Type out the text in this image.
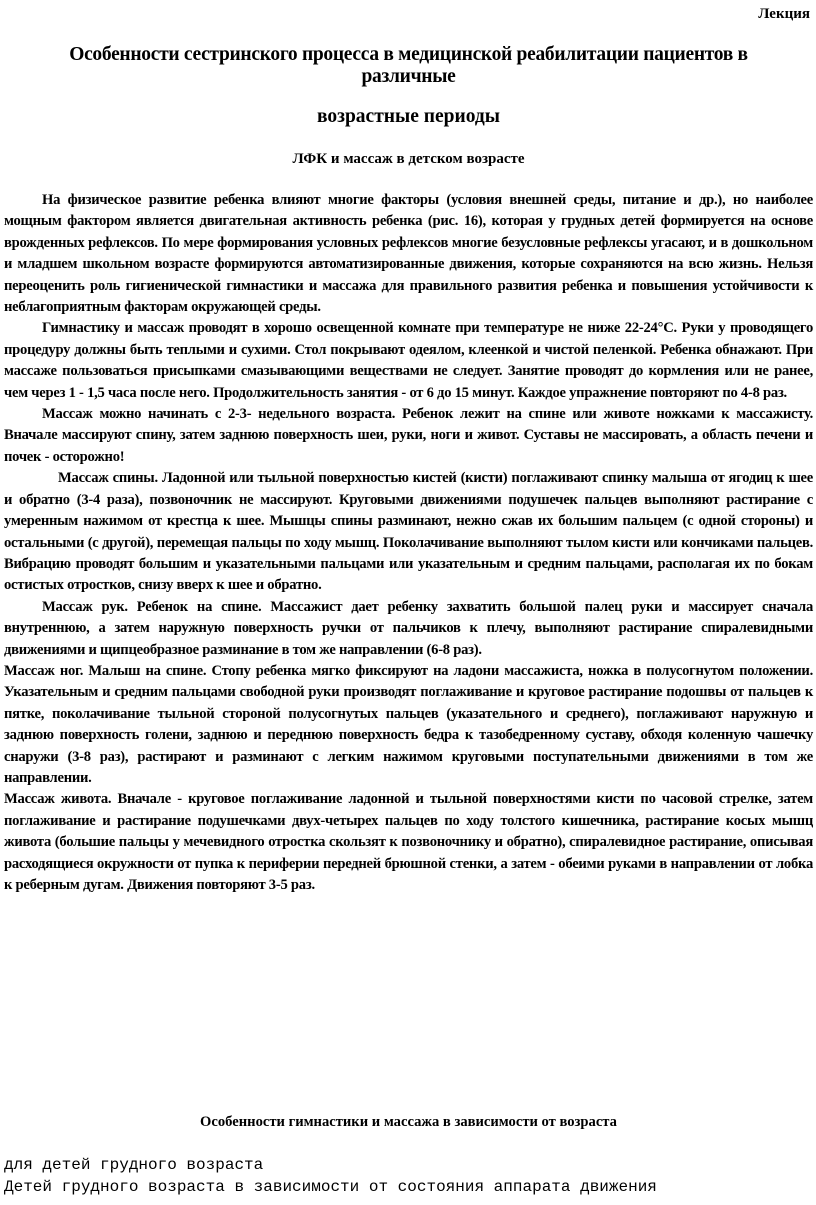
Лекция
Особенности сестринского процесса в медицинской реабилитации пациентов в
различные
возрастные периоды
ЛФК и массаж в детском возрасте

На физическое развитие ребенка влияют многие факторы (условия внешней среды, питание и др.), но наиболее мощным фактором является двигательная активность ребенка (рис. 16), которая у грудных детей формируется на основе врожденных рефлексов. По мере формирования условных рефлексов многие безусловные рефлексы угасают, и в дошкольном и младшем школьном возрасте формируются автоматизированные движения, которые сохраняются на всю жизнь. Нельзя переоценить роль гигиенической гимнастики и массажа для правильного развития ребенка и повышения устойчивости к неблагоприятным факторам окружающей среды.

Гимнастику и массаж проводят в хорошо освещенной комнате при температуре не ниже 22-24°С. Руки у проводящего процедуру должны быть теплыми и сухими. Стол покрывают одеялом, клеенкой и чистой пеленкой. Ребенка обнажают. При массаже пользоваться присыпками смазывающими веществами не следует. Занятие проводят до кормления или не ранее, чем через 1 - 1,5 часа после него. Продолжительность занятия - от 6 до 15 минут. Каждое упражнение повторяют по 4-8 раз.

Массаж можно начинать с 2-3- недельного возраста. Ребенок лежит на спине или животе ножками к массажисту. Вначале массируют спину, затем заднюю поверхность шеи, руки, ноги и живот. Суставы не массировать, а область печени и почек - осторожно!

Массаж спины. Ладонной или тыльной поверхностью кистей (кисти) поглаживают спинку малыша от ягодиц к шее и обратно (3-4 раза), позвоночник не массируют. Круговыми движениями подушечек пальцев выполняют растирание с умеренным нажимом от крестца к шее. Мышцы спины разминают, нежно сжав их большим пальцем (с одной стороны) и остальными (с другой), перемещая пальцы по ходу мышц. Поколачивание выполняют тылом кисти или кончиками пальцев. Вибрацию проводят большим и указательными пальцами или указательным и средним пальцами, располагая их по бокам остистых отростков, снизу вверх к шее и обратно.

Массаж рук. Ребенок на спине. Массажист дает ребенку захватить большой палец руки и массирует сначала внутреннюю, а затем наружную поверхность ручки от пальчиков к плечу, выполняют растирание спиралевидными движениями и щипцеобразное разминание в том же направлении (6-8 раз).

Массаж ног. Малыш на спине. Стопу ребенка мягко фиксируют на ладони массажиста, ножка в полусогнутом положении. Указательным и средним пальцами свободной руки производят поглаживание и круговое растирание подошвы от пальцев к пятке, поколачивание тыльной стороной полусогнутых пальцев (указательного и среднего), поглаживают наружную и заднюю поверхность голени, заднюю и переднюю поверхность бедра к тазобедренному суставу, обходя коленную чашечку снаружи (3-8 раз), растирают и разминают с легким нажимом круговыми поступательными движениями в том же направлении.

Массаж живота. Вначале - круговое поглаживание ладонной и тыльной поверхностями кисти по часовой стрелке, затем поглаживание и растирание подушечками двух-четырех пальцев по ходу толстого кишечника, растирание косых мышц живота (большие пальцы у мечевидного отростка скользят к позвоночнику и обратно), спиралевидное растирание, описывая расходящиеся окружности от пупка к периферии передней брюшной стенки, а затем - обеими руками в направлении от лобка к реберным дугам. Движения повторяют 3-5 раз.

Особенности гимнастики и массажа в зависимости от возраста
для детей грудного возраста
Детей грудного возраста в зависимости от состояния аппарата движения
